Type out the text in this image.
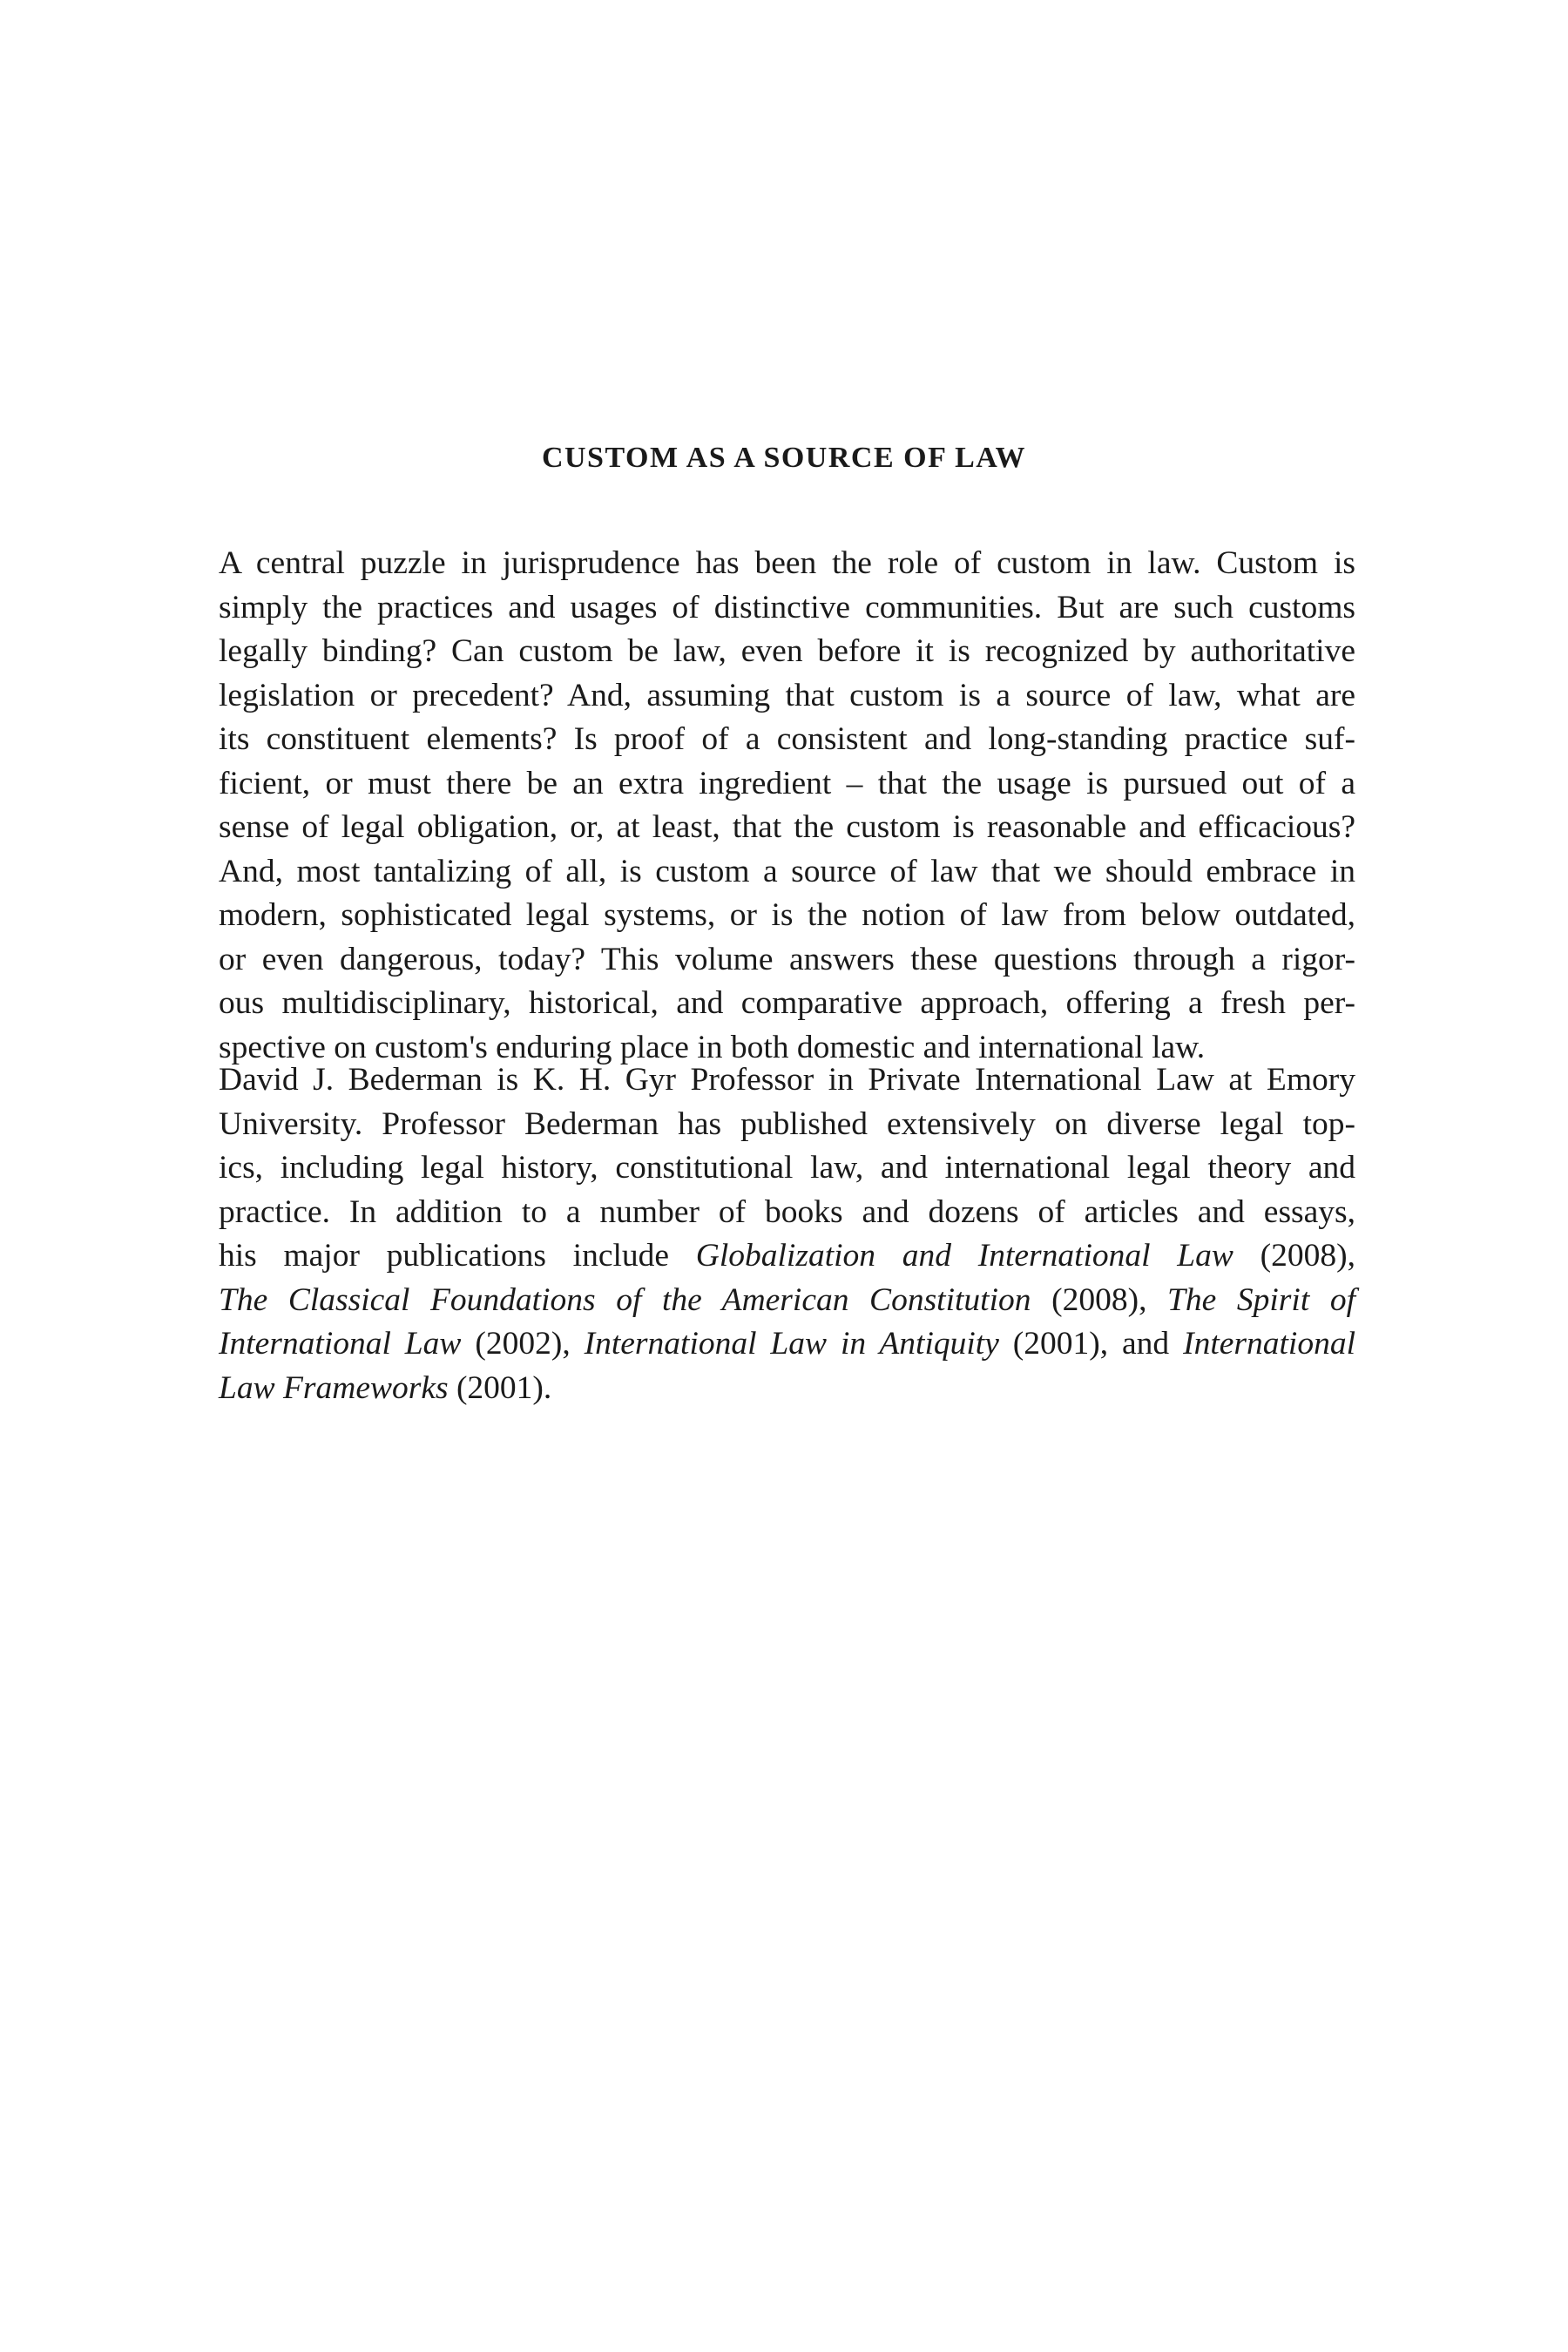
CUSTOM AS A SOURCE OF LAW
A central puzzle in jurisprudence has been the role of custom in law. Custom is
simply the practices and usages of distinctive communities. But are such customs
legally binding? Can custom be law, even before it is recognized by authoritative
legislation or precedent? And, assuming that custom is a source of law, what are
its constituent elements? Is proof of a consistent and long-standing practice suf-
ficient, or must there be an extra ingredient – that the usage is pursued out of a
sense of legal obligation, or, at least, that the custom is reasonable and efficacious?
And, most tantalizing of all, is custom a source of law that we should embrace in
modern, sophisticated legal systems, or is the notion of law from below outdated,
or even dangerous, today? This volume answers these questions through a rigor-
ous multidisciplinary, historical, and comparative approach, offering a fresh per-
spective on custom's enduring place in both domestic and international law.
David J. Bederman is K. H. Gyr Professor in Private International Law at Emory
University. Professor Bederman has published extensively on diverse legal top-
ics, including legal history, constitutional law, and international legal theory and
practice. In addition to a number of books and dozens of articles and essays,
his major publications include Globalization and International Law (2008),
The Classical Foundations of the American Constitution (2008), The Spirit of
International Law (2002), International Law in Antiquity (2001), and International
Law Frameworks (2001).
